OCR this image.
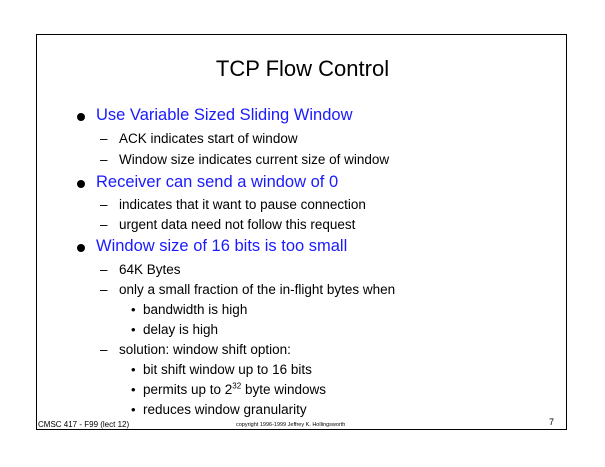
TCP Flow Control
Use Variable Sized Sliding Window
– ACK indicates start of window
– Window size indicates current size of window
Receiver can send a window of 0
– indicates that it want to pause connection
– urgent data need not follow this request
Window size of 16 bits is too small
– 64K Bytes
– only a small fraction of the in-flight bytes when
• bandwidth is high
• delay is high
– solution: window shift option:
• bit shift window up to 16 bits
• permits up to $2^{32}$ byte windows
• reduces window granularity
CMSC 417 - F99 (lect 12)	copyright 1996-1999 Jeffrey K. Hollingsworth	7
